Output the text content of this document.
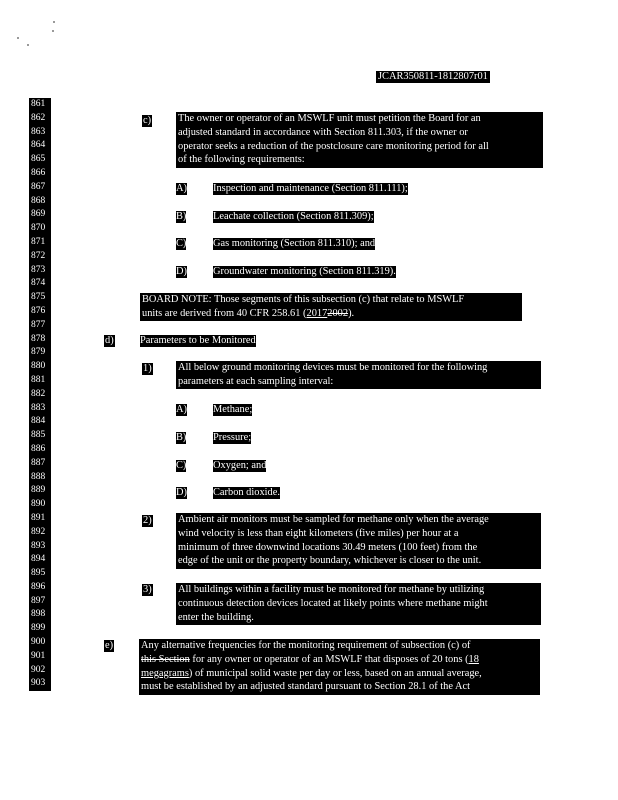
JCAR350811-1812807r01
861
862
863
864
865
866
867
868
869
870
871
872
873
874
875
876
877
878
879
880
881
882
883
884
885
886
887
888
889
890
891
892
893
894
895
896
897
898
899
900
901
902
903
c)	The owner or operator of an MSWLF unit must petition the Board for an
adjusted standard in accordance with Section 811.303, if the owner or
operator seeks a reduction of the postclosure care monitoring period for all
of the following requirements:
A)	Inspection and maintenance (Section 811.111);
B)	Leachate collection (Section 811.309);
C)	Gas monitoring (Section 811.310); and
D)	Groundwater monitoring (Section 811.319).
BOARD NOTE: Those segments of this subsection (c) that relate to MSWLF
units are derived from 40 CFR 258.61 (20172002).
d)	Parameters to be Monitored
1)	All below ground monitoring devices must be monitored for the following
parameters at each sampling interval:
A)	Methane;
B)	Pressure;
C)	Oxygen; and
D)	Carbon dioxide.
2)	Ambient air monitors must be sampled for methane only when the average
wind velocity is less than eight kilometers (five miles) per hour at a
minimum of three downwind locations 30.49 meters (100 feet) from the
edge of the unit or the property boundary, whichever is closer to the unit.
3)	All buildings within a facility must be monitored for methane by utilizing
continuous detection devices located at likely points where methane might
enter the building.
e)	Any alternative frequencies for the monitoring requirement of subsection (c) of
this Section for any owner or operator of an MSWLF that disposes of 20 tons (18
megagrams) of municipal solid waste per day or less, based on an annual average,
must be established by an adjusted standard pursuant to Section 28.1 of the Act
